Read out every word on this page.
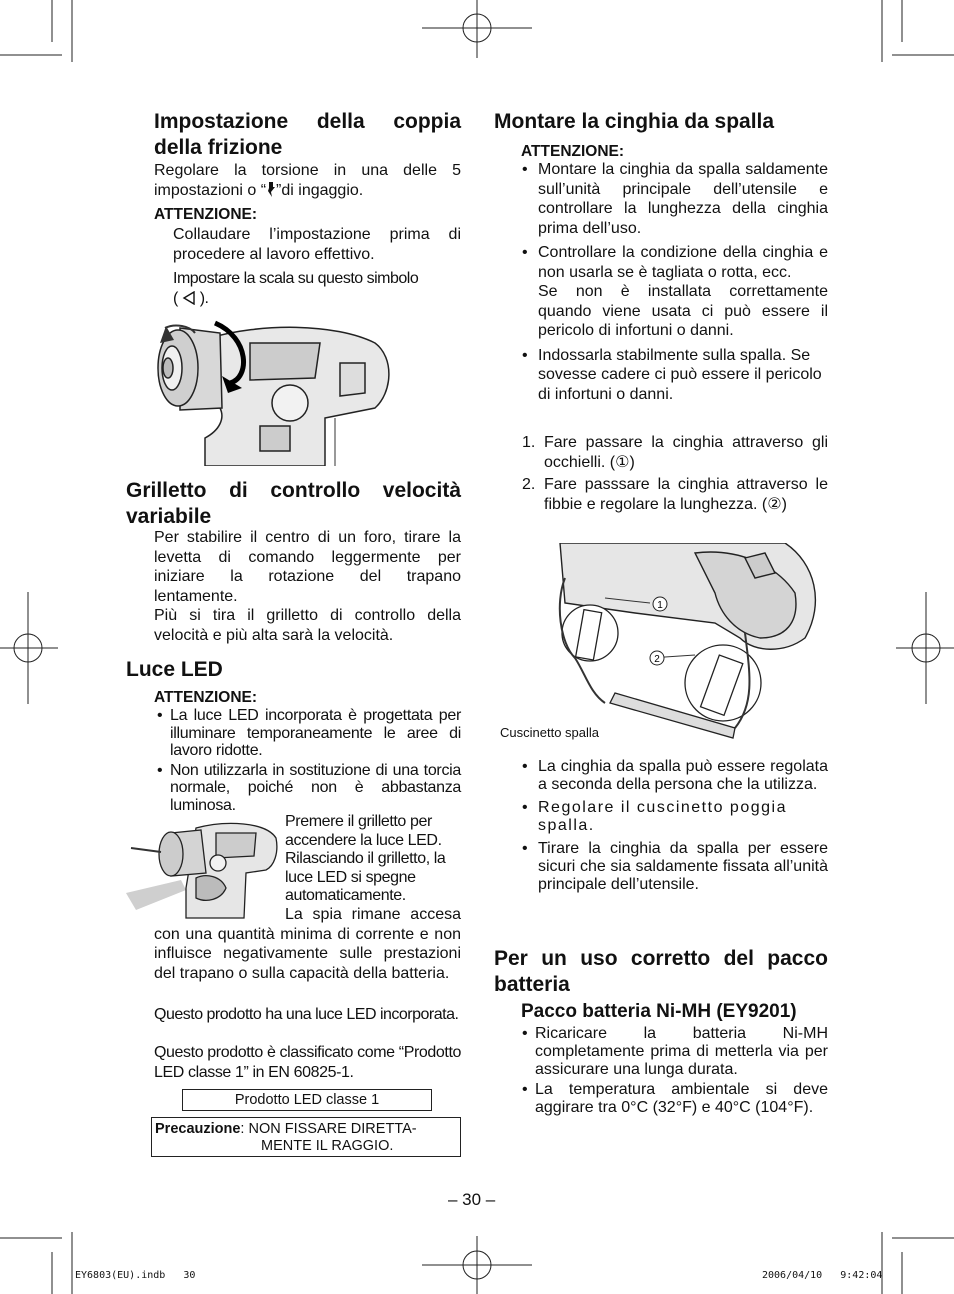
Impostazione della coppia della frizione
Regolare la torsione in una delle 5 impostazioni o “ ”di ingaggio.
ATTENZIONE:
Collaudare l’impostazione prima di procedere al lavoro effettivo.
Impostare la scala su questo simbolo
(
).
Grilletto di controllo velocità variabile
Per stabilire il centro di un foro, tirare la levetta di comando leggermente per iniziare la rotazione del trapano lentamente.
Più si tira il grilletto di controllo della velocità e più alta sarà la velocità.
Luce LED
ATTENZIONE:
• La luce LED incorporata è progettata per illuminare temporaneamente le aree di lavoro ridotte.
• Non utilizzarla in sostituzione di una torcia normale, poiché non è abbastanza luminosa.
Premere il grilletto per accendere la luce LED. Rilasciando il grilletto, la luce LED si spegne automaticamente.
La spia rimane accesa con una quantità minima di corrente e non influisce negativamente sulle prestazioni del trapano o sulla capacità della batteria.
Questo prodotto ha una luce LED incorporata.
Questo prodotto è classificato come “Prodotto LED classe 1” in EN 60825-1.
Prodotto LED classe 1
Precauzione: NON FISSARE DIRETTA-
MENTE IL RAGGIO.
Montare la cinghia da spalla
ATTENZIONE:
• Montare la cinghia da spalla saldamente sull’unità principale dell’utensile e controllare la lunghezza della cinghia prima dell’uso.
• Controllare la condizione della cinghia e non usarla se è tagliata o rotta, ecc.
Se non è installata correttamente quando viene usata ci può essere il pericolo di infortuni o danni.
• Indossarla stabilmente sulla spalla. Se sovesse cadere ci può essere il pericolo di infortuni o danni.
1. Fare passare la cinghia attraverso gli occhielli. (①)
2. Fare passsare la cinghia attraverso le fibbie e regolare la lunghezza. (②)
1
2
Cuscinetto spalla
• La cinghia da spalla può essere regolata a seconda della persona che la utilizza.
• Regolare il cuscinetto poggia spalla.
• Tirare la cinghia da spalla per essere sicuri che sia saldamente fissata all’unità principale dell’utensile.
Per un uso corretto del pacco batteria
Pacco batteria Ni-MH (EY9201)
• Ricaricare la batteria Ni-MH completamente prima di metterla via per assicurare una lunga durata.
• La temperatura ambientale si deve aggirare tra 0°C (32°F) e 40°C (104°F).
– 30 –
EY6803(EU).indb   30	2006/04/10   9:42:04
